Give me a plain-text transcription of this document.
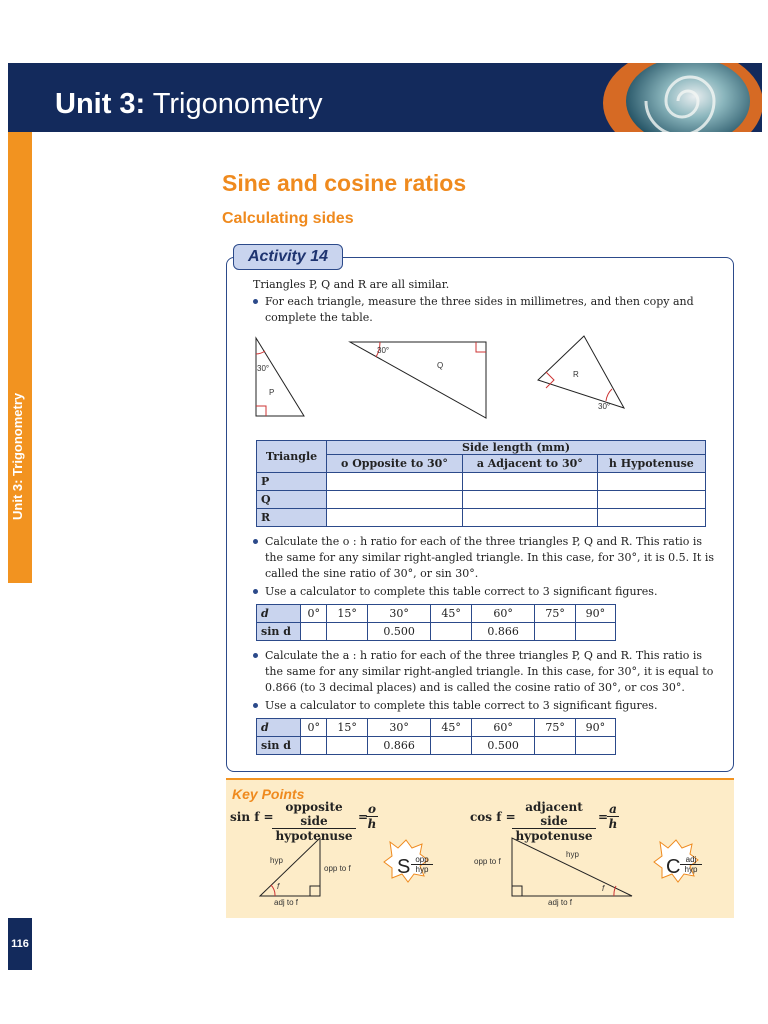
Unit 3: Trigonometry
Sine and cosine ratios
Calculating sides
Activity 14
Triangles P, Q and R are all similar.
For each triangle, measure the three sides in millimetres, and then copy and complete the table.
30°
P
30°
Q
30°
R
Triangle	Side length (mm)		
	o Opposite to 30°	a Adjacent to 30°	h Hypotenuse
P			
Q			
R			
Calculate the o : h ratio for each of the three triangles P, Q and R. This ratio is the same for any similar right-angled triangle. In this case, for 30°, it is 0.5. It is called the sine ratio of 30°, or sin 30°.
Use a calculator to complete this table correct to 3 significant figures.
d	0°	15°	30°	45°	60°	75°	90°
sin d			0.500		0.866		
Calculate the a : h ratio for each of the three triangles P, Q and R. This ratio is the same for any similar right-angled triangle. In this case, for 30°, it is equal to 0.866 (to 3 decimal places) and is called the cosine ratio of 30°, or cos 30°.
Use a calculator to complete this table correct to 3 significant figures.
d	0°	15°	30°	45°	60°	75°	90°
sin d			0.866		0.500		
Key Points
sin f =
opposite side
hypotenuse
=
$\frac{o}{h}$	cos f =
adjacent side
hypotenuse
=
$\frac{a}{h}$
hyp
opp to f
adj to f
f
S opp
hyp
opp to f
hyp
adj to f
f
C adj
hyp
116
